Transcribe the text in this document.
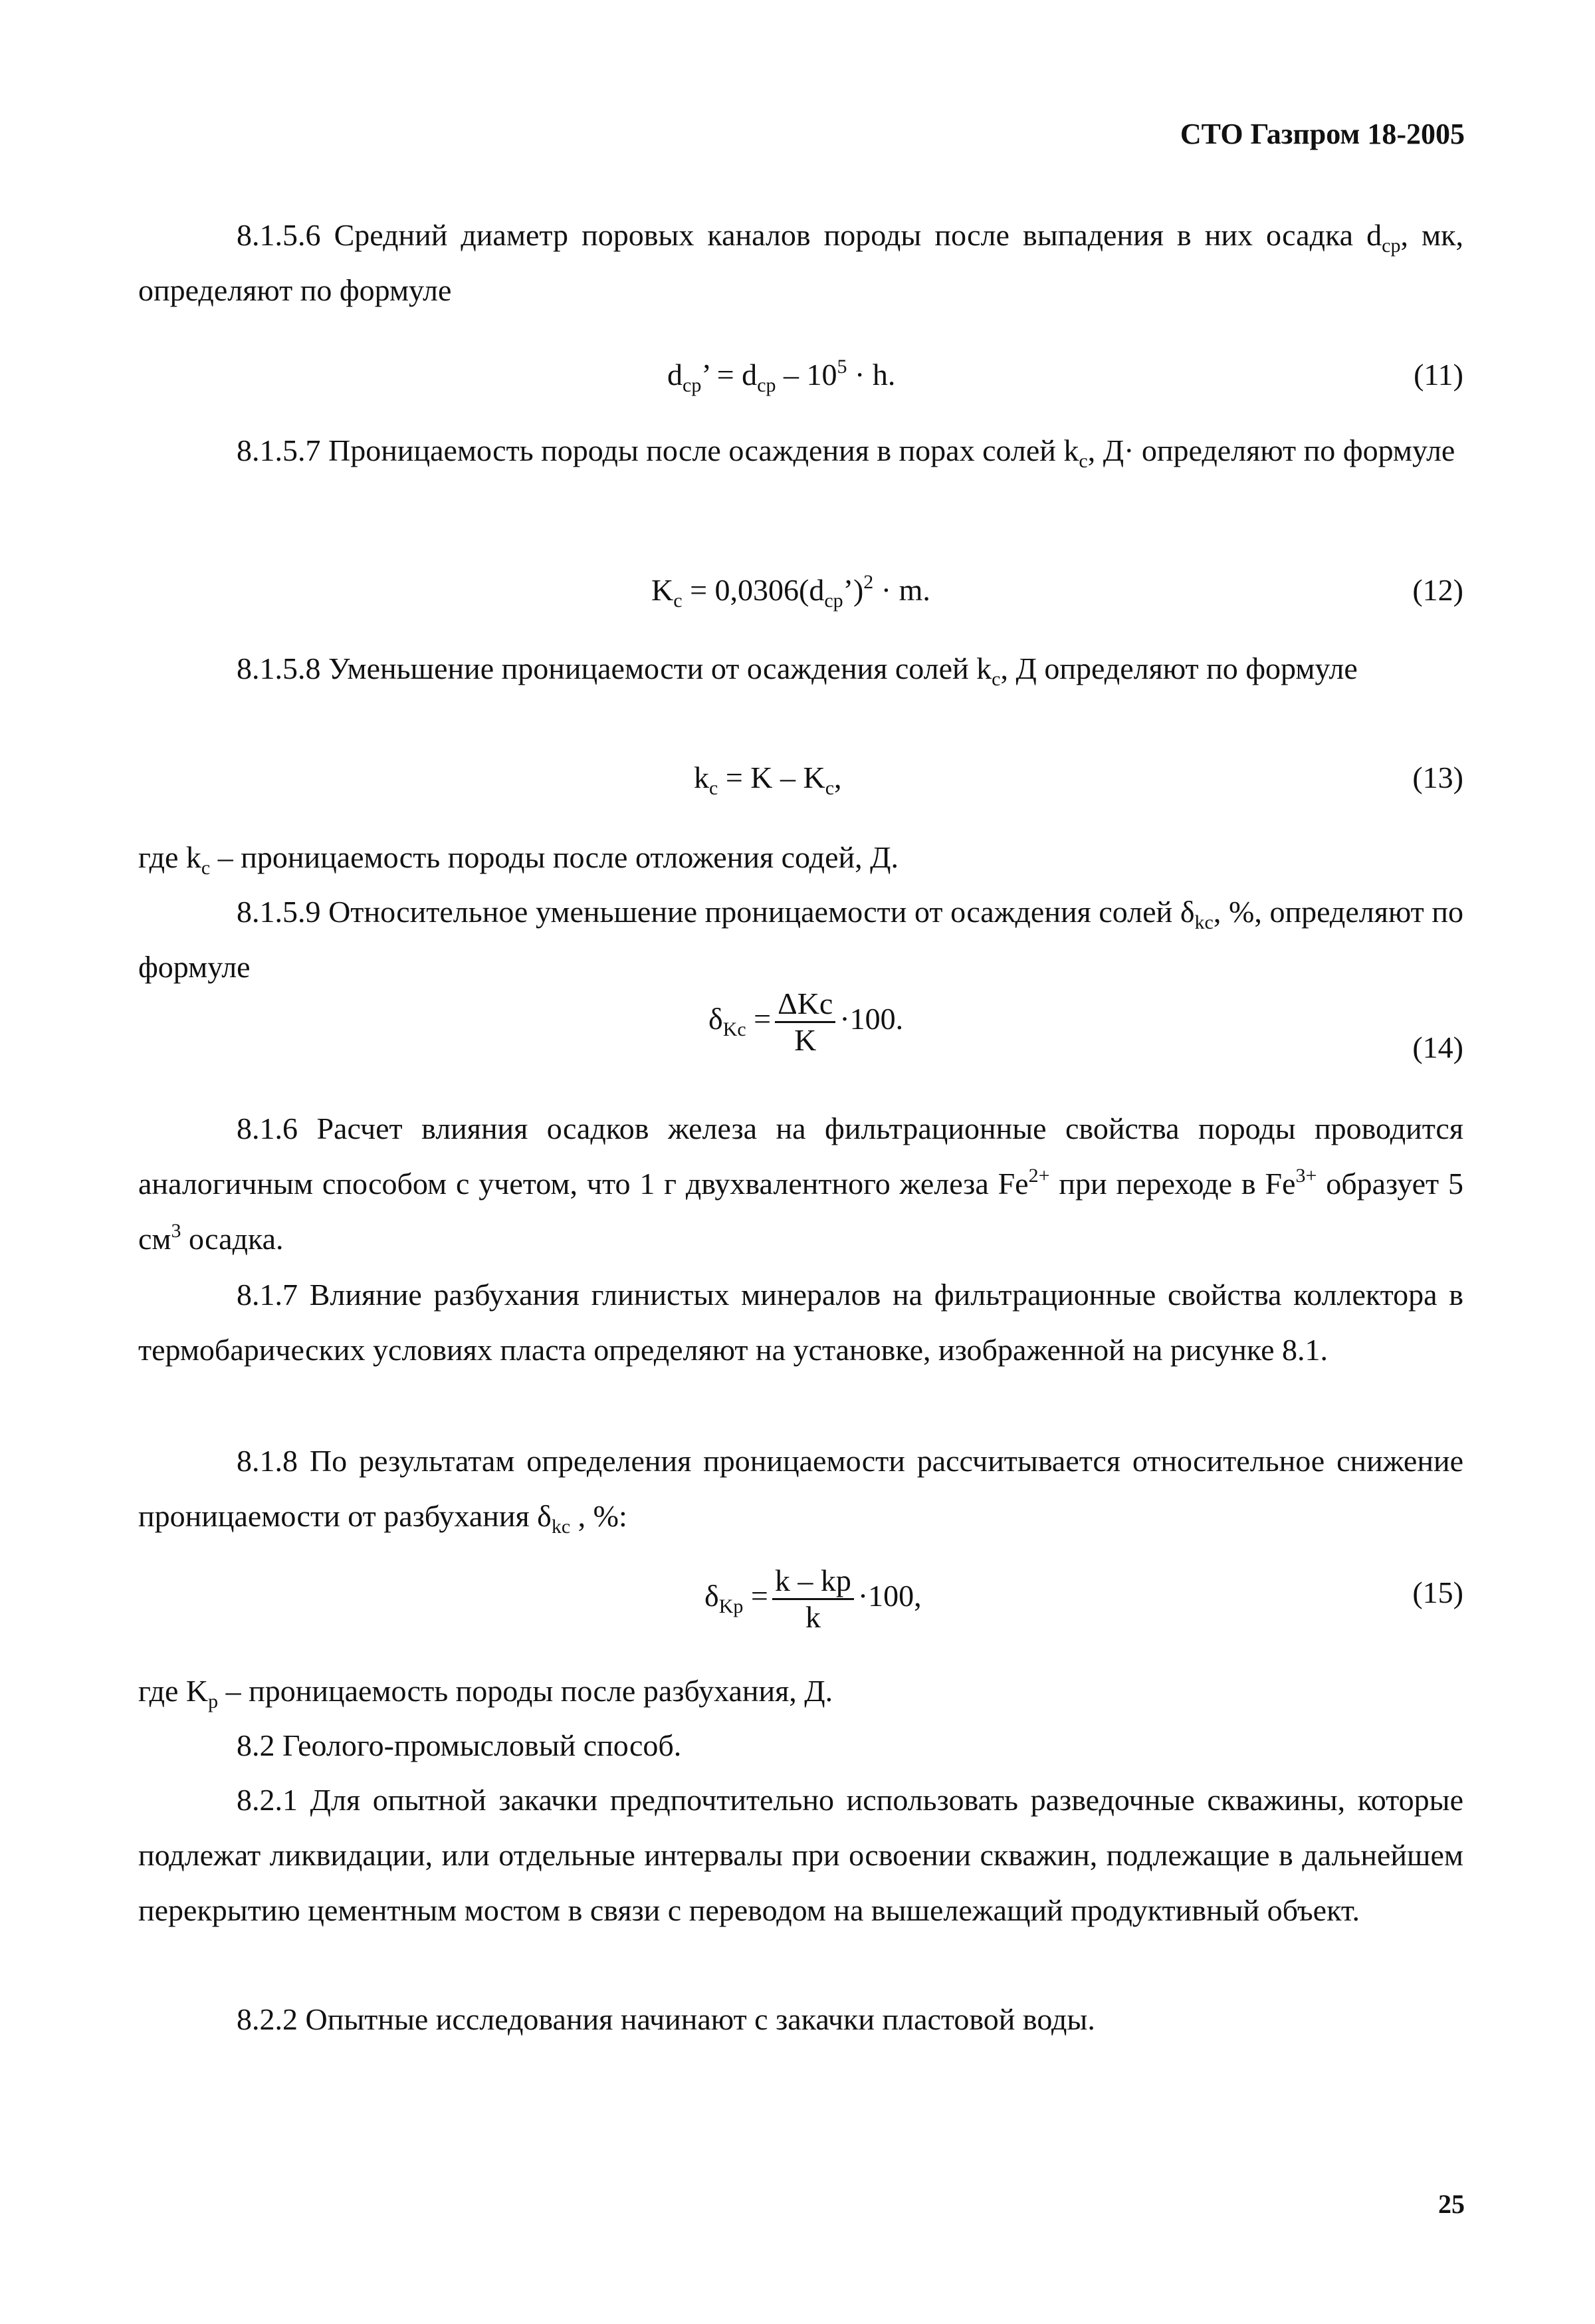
СТО Газпром 18-2005

8.1.5.6 Средний диаметр поровых каналов породы после выпадения в них осадка $d_{ср}$, мк, определяют по формуле

$d_{ср}$’ = $d_{ср} - 10^5 \cdot h$.	(11)

8.1.5.7 Проницаемость породы после осаждения в порах солей $k_c$, Д· определяют по формуле

$K_c$ = $0,0306(d_{ср}’)^2 \cdot m$.	(12)

8.1.5.8 Уменьшение проницаемости от осаждения солей $k_c$, Д определяют по формуле

$k_c = K - K_c$,	(13)

где $k_c$ – проницаемость породы после отложения содей, Д.

8.1.5.9 Относительное уменьшение проницаемости от осаждения солей $\delta_{kc}$, %, определяют по формуле

$\delta_{Kc} = \frac{\text{ΔKc}}{K} \cdot 100$.
(14)

8.1.6 Расчет влияния осадков железа на фильтрационные свойства породы проводится аналогичным способом с учетом, что 1 г двухвалентного железа $Fe^{2+}$ при переходе в $Fe^{3+}$ образует 5 $см^3$ осадка.

8.1.7 Влияние разбухания глинистых минералов на фильтрационные свойства коллектора в термобарических условиях пласта определяют на установке, изображенной на рисунке 8.1.

8.1.8 По результатам определения проницаемости рассчитывается относительное снижение проницаемости от разбухания $\delta_{kc}$ , %:

$\delta_{Kp} = \frac{k - kp}{k} \cdot 100$,	(15)

где $K_p$ – проницаемость породы после разбухания, Д.

8.2 Геолого-промысловый способ.

8.2.1 Для опытной закачки предпочтительно использовать разведочные скважины, которые подлежат ликвидации, или отдельные интервалы при освоении скважин, подлежащие в дальнейшем перекрытию цементным мостом в связи с переводом на вышележащий продуктивный объект.

8.2.2 Опытные исследования начинают с закачки пластовой воды.

25
